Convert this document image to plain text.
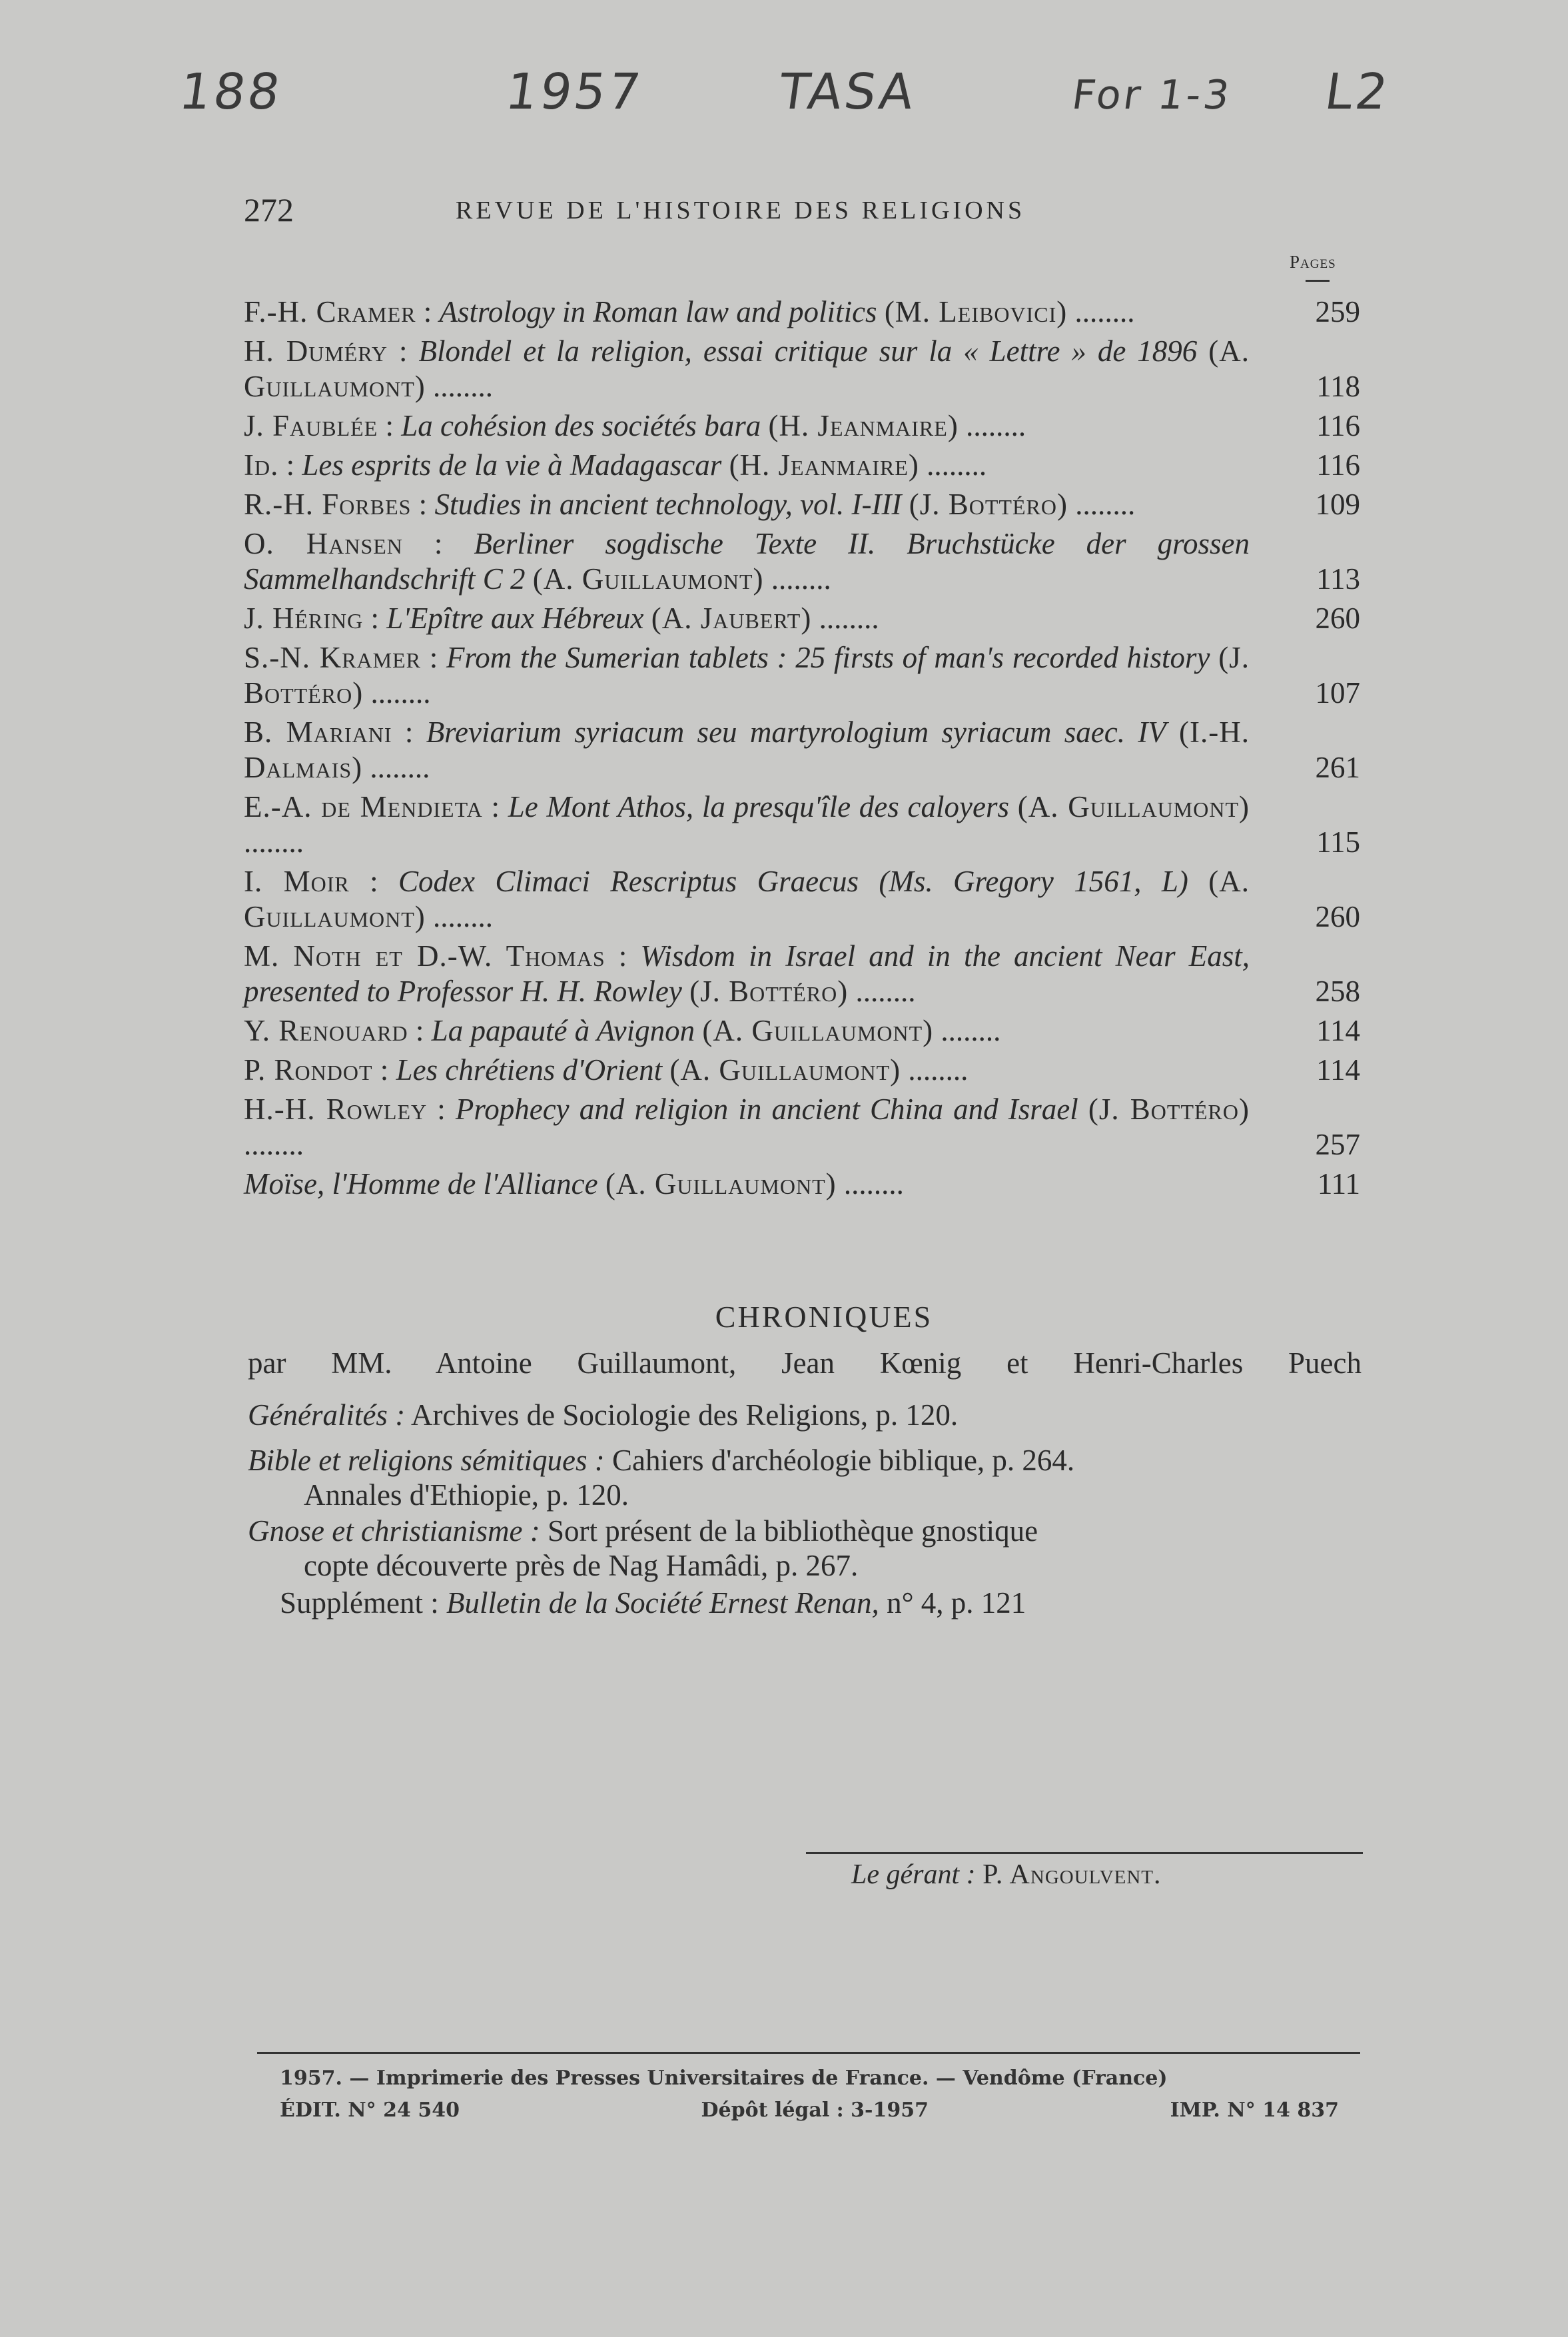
188	1957	TASA	For 1-3 L2
272	REVUE DE L'HISTOIRE DES RELIGIONS
Pages
F.-H. Cramer : Astrology in Roman law and politics (M. Leibovici) ........	259
H. Duméry : Blondel et la religion, essai critique sur la « Lettre » de 1896 (A. Guillaumont) ........	118
J. Faublée : La cohésion des sociétés bara (H. Jeanmaire) ........	116
Id. : Les esprits de la vie à Madagascar (H. Jeanmaire) ........	116
R.-H. Forbes : Studies in ancient technology, vol. I-III (J. Bottéro) ........	109
O. Hansen : Berliner sogdische Texte II. Bruchstücke der grossen Sammelhandschrift C 2 (A. Guillaumont) ........	113
J. Héring : L'Epître aux Hébreux (A. Jaubert) ........	260
S.-N. Kramer : From the Sumerian tablets : 25 firsts of man's recorded history (J. Bottéro) ........	107
B. Mariani : Breviarium syriacum seu martyrologium syriacum saec. IV (I.-H. Dalmais) ........	261
E.-A. de Mendieta : Le Mont Athos, la presqu'île des caloyers (A. Guillaumont) ........	115
I. Moir : Codex Climaci Rescriptus Graecus (Ms. Gregory 1561, L) (A. Guillaumont) ........	260
M. Noth et D.-W. Thomas : Wisdom in Israel and in the ancient Near East, presented to Professor H. H. Rowley (J. Bottéro) ........	258
Y. Renouard : La papauté à Avignon (A. Guillaumont) ........	114
P. Rondot : Les chrétiens d'Orient (A. Guillaumont) ........	114
H.-H. Rowley : Prophecy and religion in ancient China and Israel (J. Bottéro) ........	257
Moïse, l'Homme de l'Alliance (A. Guillaumont) ........	111
CHRONIQUES
par MM. Antoine Guillaumont, Jean Kœnig et Henri-Charles Puech
Généralités : Archives de Sociologie des Religions, p. 120.
Bible et religions sémitiques : Cahiers d'archéologie biblique, p. 264.
Annales d'Ethiopie, p. 120.
Gnose et christianisme : Sort présent de la bibliothèque gnostique
copte découverte près de Nag Hamâdi, p. 267.
Supplément : Bulletin de la Société Ernest Renan, n° 4, p. 121
Le gérant : P. Angoulvent.
1957. — Imprimerie des Presses Universitaires de France. — Vendôme (France)
ÉDIT. N° 24 540	Dépôt légal : 3-1957	IMP. N° 14 837
